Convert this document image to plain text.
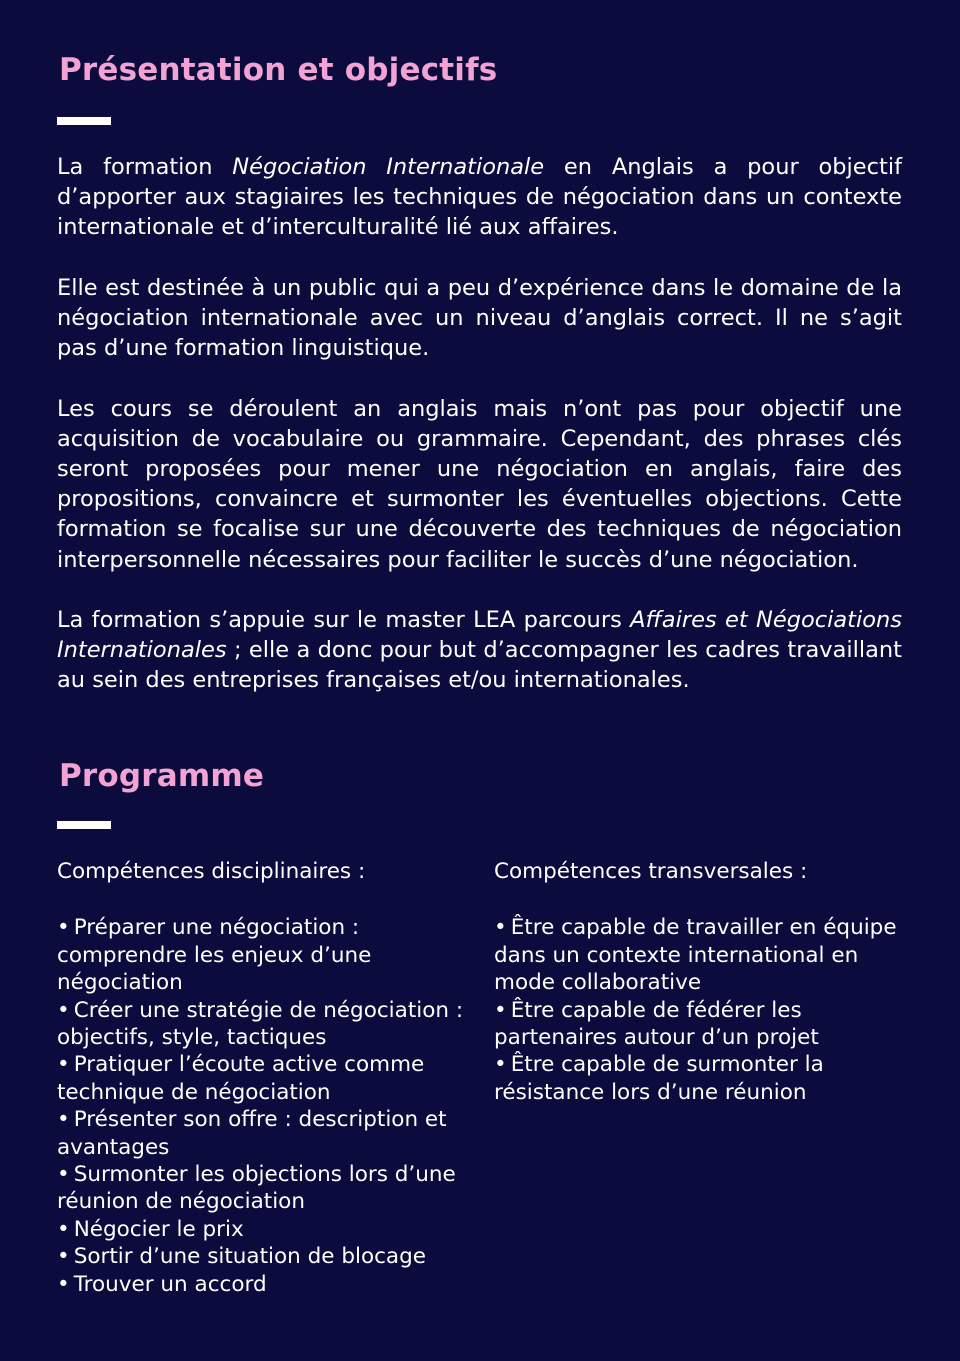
Présentation et objectifs

La formation Négociation Internationale en Anglais a pour objectif d’apporter aux stagiaires les techniques de négociation dans un contexte internationale et d’interculturalité lié aux affaires.

Elle est destinée à un public qui a peu d’expérience dans le domaine de la négociation internationale avec un niveau d’anglais correct. Il ne s’agit pas d’une formation linguistique.

Les cours se déroulent an anglais mais n’ont pas pour objectif une acquisition de vocabulaire ou grammaire. Cependant, des phrases clés seront proposées pour mener une négociation en anglais, faire des propositions, convaincre et surmonter les éventuelles objections. Cette formation se focalise sur une découverte des techniques de négociation interpersonnelle nécessaires pour faciliter le succès d’une négociation.

La formation s’appuie sur le master LEA parcours Affaires et Négociations Internationales ; elle a donc pour but d’accompagner les cadres travaillant au sein des entreprises françaises et/ou internationales.

Programme
Compétences disciplinaires :
• Préparer une négociation : comprendre les enjeux d’une négociation
• Créer une stratégie de négociation : objectifs, style, tactiques
• Pratiquer l’écoute active comme technique de négociation
• Présenter son offre : description et avantages
• Surmonter les objections lors d’une réunion de négociation
• Négocier le prix
• Sortir d’une situation de blocage
• Trouver un accord
Compétences transversales :
• Être capable de travailler en équipe dans un contexte international en mode collaborative
• Être capable de fédérer les partenaires autour d’un projet
• Être capable de surmonter la résistance lors d’une réunion
